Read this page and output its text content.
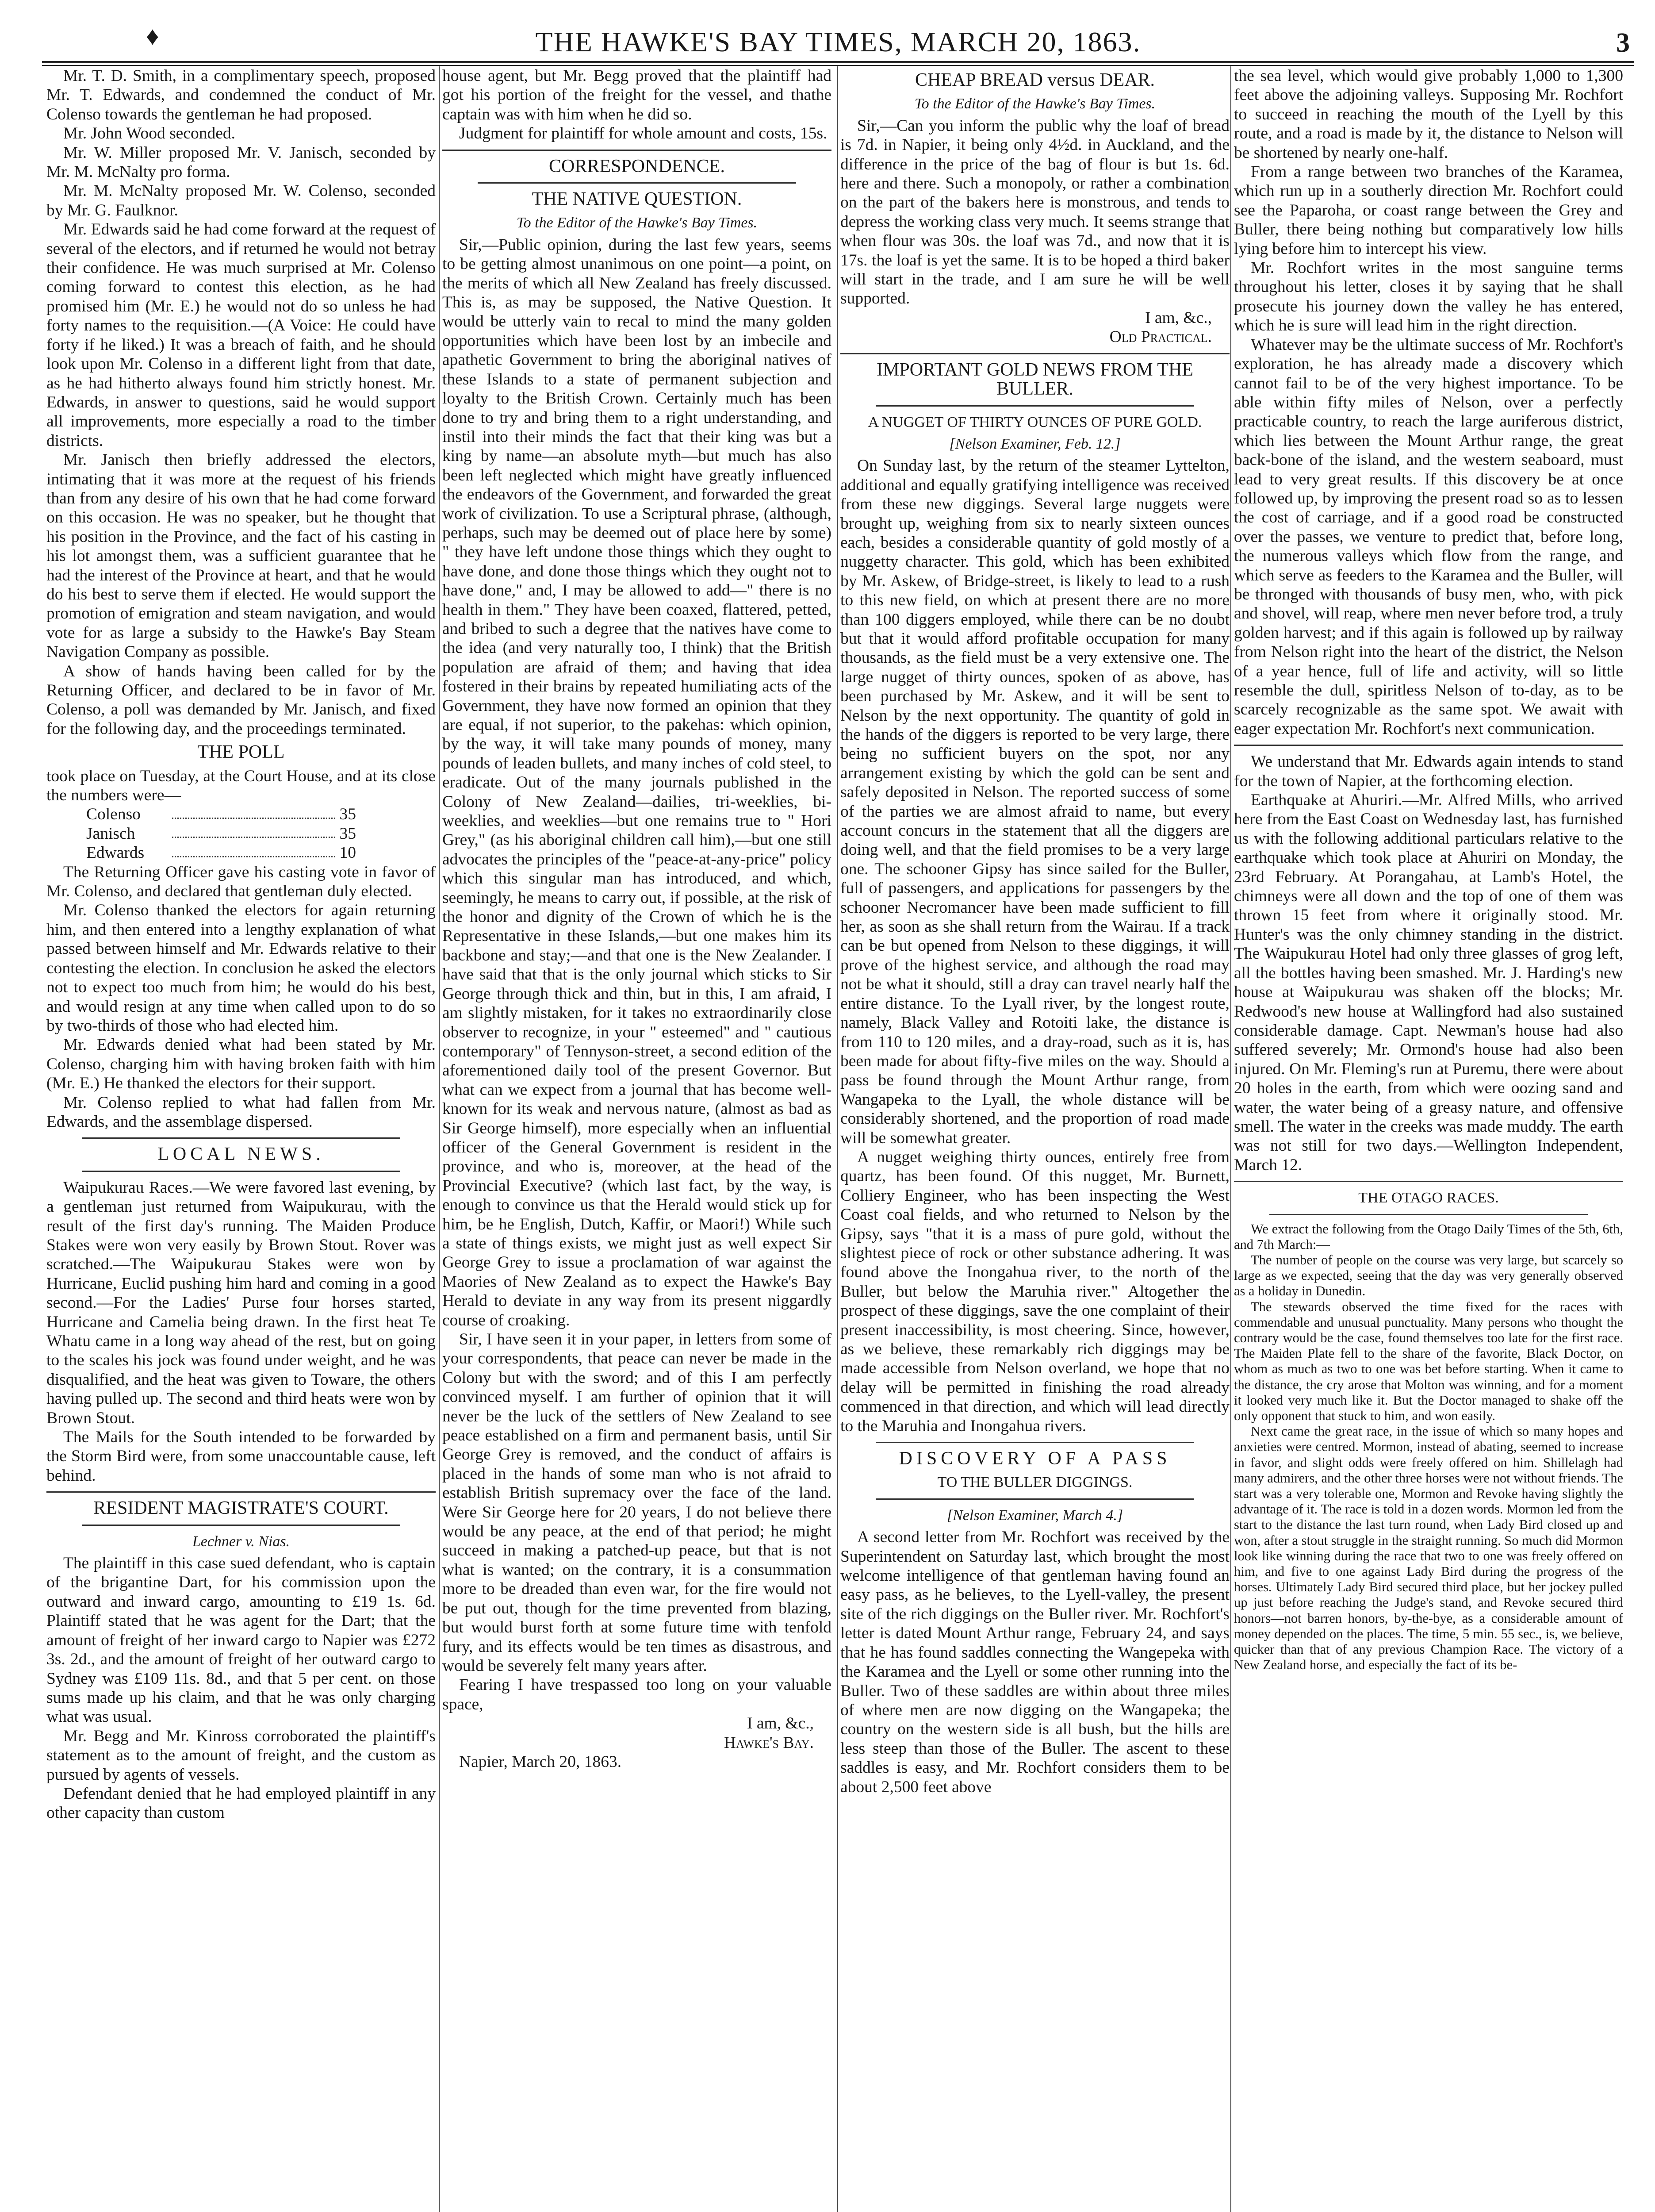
♦	THE HAWKE'S BAY TIMES, MARCH 20, 1863.	3

Mr. T. D. Smith, in a complimentary speech, proposed Mr. T. Edwards, and condemned the conduct of Mr. Colenso towards the gentleman he had proposed.

Mr. John Wood seconded.

Mr. W. Miller proposed Mr. V. Janisch, seconded by Mr. M. McNalty pro forma.

Mr. M. McNalty proposed Mr. W. Colenso, seconded by Mr. G. Faulknor.

Mr. Edwards said he had come forward at the request of several of the electors, and if returned he would not betray their confidence. He was much surprised at Mr. Colenso coming forward to contest this election, as he had promised him (Mr. E.) he would not do so unless he had forty names to the requisition.—(A Voice: He could have forty if he liked.) It was a breach of faith, and he should look upon Mr. Colenso in a different light from that date, as he had hitherto always found him strictly honest. Mr. Edwards, in answer to questions, said he would support all improvements, more especially a road to the timber districts.

Mr. Janisch then briefly addressed the electors, intimating that it was more at the request of his friends than from any desire of his own that he had come forward on this occasion. He was no speaker, but he thought that his position in the Province, and the fact of his casting in his lot amongst them, was a sufficient guarantee that he had the interest of the Province at heart, and that he would do his best to serve them if elected. He would support the promotion of emigration and steam navigation, and would vote for as large a subsidy to the Hawke's Bay Steam Navigation Company as possible.

A show of hands having been called for by the Returning Officer, and declared to be in favor of Mr. Colenso, a poll was demanded by Mr. Janisch, and fixed for the following day, and the proceedings terminated.

THE POLL

took place on Tuesday, at the Court House, and at its close the numbers were—

Colenso	35
Janisch	35
Edwards	10

The Returning Officer gave his casting vote in favor of Mr. Colenso, and declared that gentleman duly elected.

Mr. Colenso thanked the electors for again returning him, and then entered into a lengthy explanation of what passed between himself and Mr. Edwards relative to their contesting the election. In conclusion he asked the electors not to expect too much from him; he would do his best, and would resign at any time when called upon to do so by two-thirds of those who had elected him.

Mr. Edwards denied what had been stated by Mr. Colenso, charging him with having broken faith with him (Mr. E.) He thanked the electors for their support.

Mr. Colenso replied to what had fallen from Mr. Edwards, and the assemblage dispersed.

LOCAL NEWS.

Waipukurau Races.—We were favored last evening, by a gentleman just returned from Waipukurau, with the result of the first day's running. The Maiden Produce Stakes were won very easily by Brown Stout. Rover was scratched.—The Waipukurau Stakes were won by Hurricane, Euclid pushing him hard and coming in a good second.—For the Ladies' Purse four horses started, Hurricane and Camelia being drawn. In the first heat Te Whatu came in a long way ahead of the rest, but on going to the scales his jock was found under weight, and he was disqualified, and the heat was given to Toware, the others having pulled up. The second and third heats were won by Brown Stout.

The Mails for the South intended to be forwarded by the Storm Bird were, from some unaccountable cause, left behind.

RESIDENT MAGISTRATE'S COURT.
Lechner v. Nias.

The plaintiff in this case sued defendant, who is captain of the brigantine Dart, for his commission upon the outward and inward cargo, amounting to £19 1s. 6d. Plaintiff stated that he was agent for the Dart; that the amount of freight of her inward cargo to Napier was £272 3s. 2d., and the amount of freight of her outward cargo to Sydney was £109 11s. 8d., and that 5 per cent. on those sums made up his claim, and that he was only charging what was usual.

Mr. Begg and Mr. Kinross corroborated the plaintiff's statement as to the amount of freight, and the custom as pursued by agents of vessels.

Defendant denied that he had employed plaintiff in any other capacity than custom

house agent, but Mr. Begg proved that the plaintiff had got his portion of the freight for the vessel, and thathe captain was with him when he did so.

Judgment for plaintiff for whole amount and costs, 15s.

CORRESPONDENCE.
THE NATIVE QUESTION.
To the Editor of the Hawke's Bay Times.

Sir,—Public opinion, during the last few years, seems to be getting almost unanimous on one point—a point, on the merits of which all New Zealand has freely discussed. This is, as may be supposed, the Native Question. It would be utterly vain to recal to mind the many golden opportunities which have been lost by an imbecile and apathetic Government to bring the aboriginal natives of these Islands to a state of permanent subjection and loyalty to the British Crown. Certainly much has been done to try and bring them to a right understanding, and instil into their minds the fact that their king was but a king by name—an absolute myth—but much has also been left neglected which might have greatly influenced the endeavors of the Government, and forwarded the great work of civilization. To use a Scriptural phrase, (although, perhaps, such may be deemed out of place here by some) " they have left undone those things which they ought to have done, and done those things which they ought not to have done," and, I may be allowed to add—" there is no health in them." They have been coaxed, flattered, petted, and bribed to such a degree that the natives have come to the idea (and very naturally too, I think) that the British population are afraid of them; and having that idea fostered in their brains by repeated humiliating acts of the Government, they have now formed an opinion that they are equal, if not superior, to the pakehas: which opinion, by the way, it will take many pounds of money, many pounds of leaden bullets, and many inches of cold steel, to eradicate. Out of the many journals published in the Colony of New Zealand—dailies, tri-weeklies, bi-weeklies, and weeklies—but one remains true to " Hori Grey," (as his aboriginal children call him),—but one still advocates the principles of the "peace-at-any-price" policy which this singular man has introduced, and which, seemingly, he means to carry out, if possible, at the risk of the honor and dignity of the Crown of which he is the Representative in these Islands,—but one makes him its backbone and stay;—and that one is the New Zealander. I have said that that is the only journal which sticks to Sir George through thick and thin, but in this, I am afraid, I am slightly mistaken, for it takes no extraordinarily close observer to recognize, in your " esteemed" and " cautious contemporary" of Tennyson-street, a second edition of the aforementioned daily tool of the present Governor. But what can we expect from a journal that has become well-known for its weak and nervous nature, (almost as bad as Sir George himself), more especially when an influential officer of the General Government is resident in the province, and who is, moreover, at the head of the Provincial Executive? (which last fact, by the way, is enough to convince us that the Herald would stick up for him, be he English, Dutch, Kaffir, or Maori!) While such a state of things exists, we might just as well expect Sir George Grey to issue a proclamation of war against the Maories of New Zealand as to expect the Hawke's Bay Herald to deviate in any way from its present niggardly course of croaking.

Sir, I have seen it in your paper, in letters from some of your correspondents, that peace can never be made in the Colony but with the sword; and of this I am perfectly convinced myself. I am further of opinion that it will never be the luck of the settlers of New Zealand to see peace established on a firm and permanent basis, until Sir George Grey is removed, and the conduct of affairs is placed in the hands of some man who is not afraid to establish British supremacy over the face of the land. Were Sir George here for 20 years, I do not believe there would be any peace, at the end of that period; he might succeed in making a patched-up peace, but that is not what is wanted; on the contrary, it is a consummation more to be dreaded than even war, for the fire would not be put out, though for the time prevented from blazing, but would burst forth at some future time with tenfold fury, and its effects would be ten times as disastrous, and would be severely felt many years after.

Fearing I have trespassed too long on your valuable space,

I am, &c.,

Hawke's Bay.

Napier, March 20, 1863.

CHEAP BREAD versus DEAR.
To the Editor of the Hawke's Bay Times.

Sir,—Can you inform the public why the loaf of bread is 7d. in Napier, it being only 4½d. in Auckland, and the difference in the price of the bag of flour is but 1s. 6d. here and there. Such a monopoly, or rather a combination on the part of the bakers here is monstrous, and tends to depress the working class very much. It seems strange that when flour was 30s. the loaf was 7d., and now that it is 17s. the loaf is yet the same. It is to be hoped a third baker will start in the trade, and I am sure he will be well supported.

I am, &c.,

Old Practical.

IMPORTANT GOLD NEWS FROM THE BULLER.
A NUGGET OF THIRTY OUNCES OF PURE GOLD.
[Nelson Examiner, Feb. 12.]

On Sunday last, by the return of the steamer Lyttelton, additional and equally gratifying intelligence was received from these new diggings. Several large nuggets were brought up, weighing from six to nearly sixteen ounces each, besides a considerable quantity of gold mostly of a nuggetty character. This gold, which has been exhibited by Mr. Askew, of Bridge-street, is likely to lead to a rush to this new field, on which at present there are no more than 100 diggers employed, while there can be no doubt but that it would afford profitable occupation for many thousands, as the field must be a very extensive one. The large nugget of thirty ounces, spoken of as above, has been purchased by Mr. Askew, and it will be sent to Nelson by the next opportunity. The quantity of gold in the hands of the diggers is reported to be very large, there being no sufficient buyers on the spot, nor any arrangement existing by which the gold can be sent and safely deposited in Nelson. The reported success of some of the parties we are almost afraid to name, but every account concurs in the statement that all the diggers are doing well, and that the field promises to be a very large one. The schooner Gipsy has since sailed for the Buller, full of passengers, and applications for passengers by the schooner Necromancer have been made sufficient to fill her, as soon as she shall return from the Wairau. If a track can be but opened from Nelson to these diggings, it will prove of the highest service, and although the road may not be what it should, still a dray can travel nearly half the entire distance. To the Lyall river, by the longest route, namely, Black Valley and Rotoiti lake, the distance is from 110 to 120 miles, and a dray-road, such as it is, has been made for about fifty-five miles on the way. Should a pass be found through the Mount Arthur range, from Wangapeka to the Lyall, the whole distance will be considerably shortened, and the proportion of road made will be somewhat greater.

A nugget weighing thirty ounces, entirely free from quartz, has been found. Of this nugget, Mr. Burnett, Colliery Engineer, who has been inspecting the West Coast coal fields, and who returned to Nelson by the Gipsy, says "that it is a mass of pure gold, without the slightest piece of rock or other substance adhering. It was found above the Inongahua river, to the north of the Buller, but below the Maruhia river." Altogether the prospect of these diggings, save the one complaint of their present inaccessibility, is most cheering. Since, however, as we believe, these remarkably rich diggings may be made accessible from Nelson overland, we hope that no delay will be permitted in finishing the road already commenced in that direction, and which will lead directly to the Maruhia and Inongahua rivers.

DISCOVERY OF A PASS
TO THE BULLER DIGGINGS.
[Nelson Examiner, March 4.]

A second letter from Mr. Rochfort was received by the Superintendent on Saturday last, which brought the most welcome intelligence of that gentleman having found an easy pass, as he believes, to the Lyell-valley, the present site of the rich diggings on the Buller river. Mr. Rochfort's letter is dated Mount Arthur range, February 24, and says that he has found saddles connecting the Wangepeka with the Karamea and the Lyell or some other running into the Buller. Two of these saddles are within about three miles of where men are now digging on the Wangapeka; the country on the western side is all bush, but the hills are less steep than those of the Buller. The ascent to these saddles is easy, and Mr. Rochfort considers them to be about 2,500 feet above

the sea level, which would give probably 1,000 to 1,300 feet above the adjoining valleys. Supposing Mr. Rochfort to succeed in reaching the mouth of the Lyell by this route, and a road is made by it, the distance to Nelson will be shortened by nearly one-half.

From a range between two branches of the Karamea, which run up in a southerly direction Mr. Rochfort could see the Paparoha, or coast range between the Grey and Buller, there being nothing but comparatively low hills lying before him to intercept his view.

Mr. Rochfort writes in the most sanguine terms throughout his letter, closes it by saying that he shall prosecute his journey down the valley he has entered, which he is sure will lead him in the right direction.

Whatever may be the ultimate success of Mr. Rochfort's exploration, he has already made a discovery which cannot fail to be of the very highest importance. To be able within fifty miles of Nelson, over a perfectly practicable country, to reach the large auriferous district, which lies between the Mount Arthur range, the great back-bone of the island, and the western seaboard, must lead to very great results. If this discovery be at once followed up, by improving the present road so as to lessen the cost of carriage, and if a good road be constructed over the passes, we venture to predict that, before long, the numerous valleys which flow from the range, and which serve as feeders to the Karamea and the Buller, will be thronged with thousands of busy men, who, with pick and shovel, will reap, where men never before trod, a truly golden harvest; and if this again is followed up by railway from Nelson right into the heart of the district, the Nelson of a year hence, full of life and activity, will so little resemble the dull, spiritless Nelson of to-day, as to be scarcely recognizable as the same spot. We await with eager expectation Mr. Rochfort's next communication.

We understand that Mr. Edwards again intends to stand for the town of Napier, at the forthcoming election.

Earthquake at Ahuriri.—Mr. Alfred Mills, who arrived here from the East Coast on Wednesday last, has furnished us with the following additional particulars relative to the earthquake which took place at Ahuriri on Monday, the 23rd February. At Porangahau, at Lamb's Hotel, the chimneys were all down and the top of one of them was thrown 15 feet from where it originally stood. Mr. Hunter's was the only chimney standing in the district. The Waipukurau Hotel had only three glasses of grog left, all the bottles having been smashed. Mr. J. Harding's new house at Waipukurau was shaken off the blocks; Mr. Redwood's new house at Wallingford had also sustained considerable damage. Capt. Newman's house had also suffered severely; Mr. Ormond's house had also been injured. On Mr. Fleming's run at Puremu, there were about 20 holes in the earth, from which were oozing sand and water, the water being of a greasy nature, and offensive smell. The water in the creeks was made muddy. The earth was not still for two days.—Wellington Independent, March 12.

THE OTAGO RACES.

We extract the following from the Otago Daily Times of the 5th, 6th, and 7th March:—

The number of people on the course was very large, but scarcely so large as we expected, seeing that the day was very generally observed as a holiday in Dunedin.

The stewards observed the time fixed for the races with commendable and unusual punctuality. Many persons who thought the contrary would be the case, found themselves too late for the first race. The Maiden Plate fell to the share of the favorite, Black Doctor, on whom as much as two to one was bet before starting. When it came to the distance, the cry arose that Molton was winning, and for a moment it looked very much like it. But the Doctor managed to shake off the only opponent that stuck to him, and won easily.

Next came the great race, in the issue of which so many hopes and anxieties were centred. Mormon, instead of abating, seemed to increase in favor, and slight odds were freely offered on him. Shillelagh had many admirers, and the other three horses were not without friends. The start was a very tolerable one, Mormon and Revoke having slightly the advantage of it. The race is told in a dozen words. Mormon led from the start to the distance the last turn round, when Lady Bird closed up and won, after a stout struggle in the straight running. So much did Mormon look like winning during the race that two to one was freely offered on him, and five to one against Lady Bird during the progress of the horses. Ultimately Lady Bird secured third place, but her jockey pulled up just before reaching the Judge's stand, and Revoke secured third honors—not barren honors, by-the-bye, as a considerable amount of money depended on the places. The time, 5 min. 55 sec., is, we believe, quicker than that of any previous Champion Race. The victory of a New Zealand horse, and especially the fact of its be-
